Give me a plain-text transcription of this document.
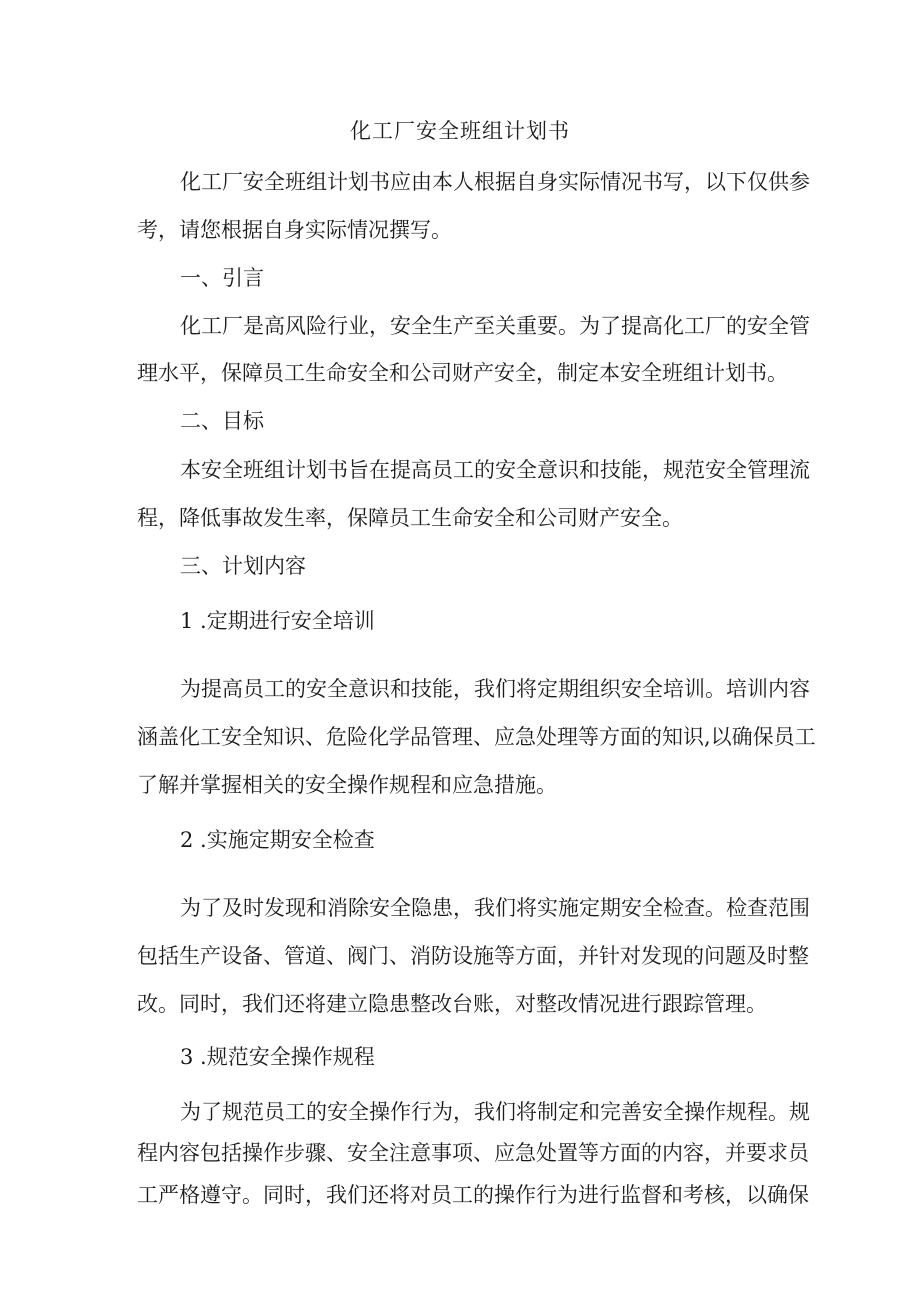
化工厂安全班组计划书
化工厂安全班组计划书应由本人根据自身实际情况书写，以下仅供参
考，请您根据自身实际情况撰写。
一、引言
化工厂是高风险行业，安全生产至关重要。为了提高化工厂的安全管
理水平，保障员工生命安全和公司财产安全，制定本安全班组计划书。
二、目标
本安全班组计划书旨在提高员工的安全意识和技能，规范安全管理流
程，降低事故发生率，保障员工生命安全和公司财产安全。
三、计划内容
1 .定期进行安全培训
为提高员工的安全意识和技能，我们将定期组织安全培训。培训内容
涵盖化工安全知识、危险化学品管理、应急处理等方面的知识,以确保员工
了解并掌握相关的安全操作规程和应急措施。
2 .实施定期安全检查
为了及时发现和消除安全隐患，我们将实施定期安全检查。检查范围
包括生产设备、管道、阀门、消防设施等方面，并针对发现的问题及时整
改。同时，我们还将建立隐患整改台账，对整改情况进行跟踪管理。
3 .规范安全操作规程
为了规范员工的安全操作行为，我们将制定和完善安全操作规程。规
程内容包括操作步骤、安全注意事项、应急处置等方面的内容，并要求员
工严格遵守。同时，我们还将对员工的操作行为进行监督和考核，以确保
